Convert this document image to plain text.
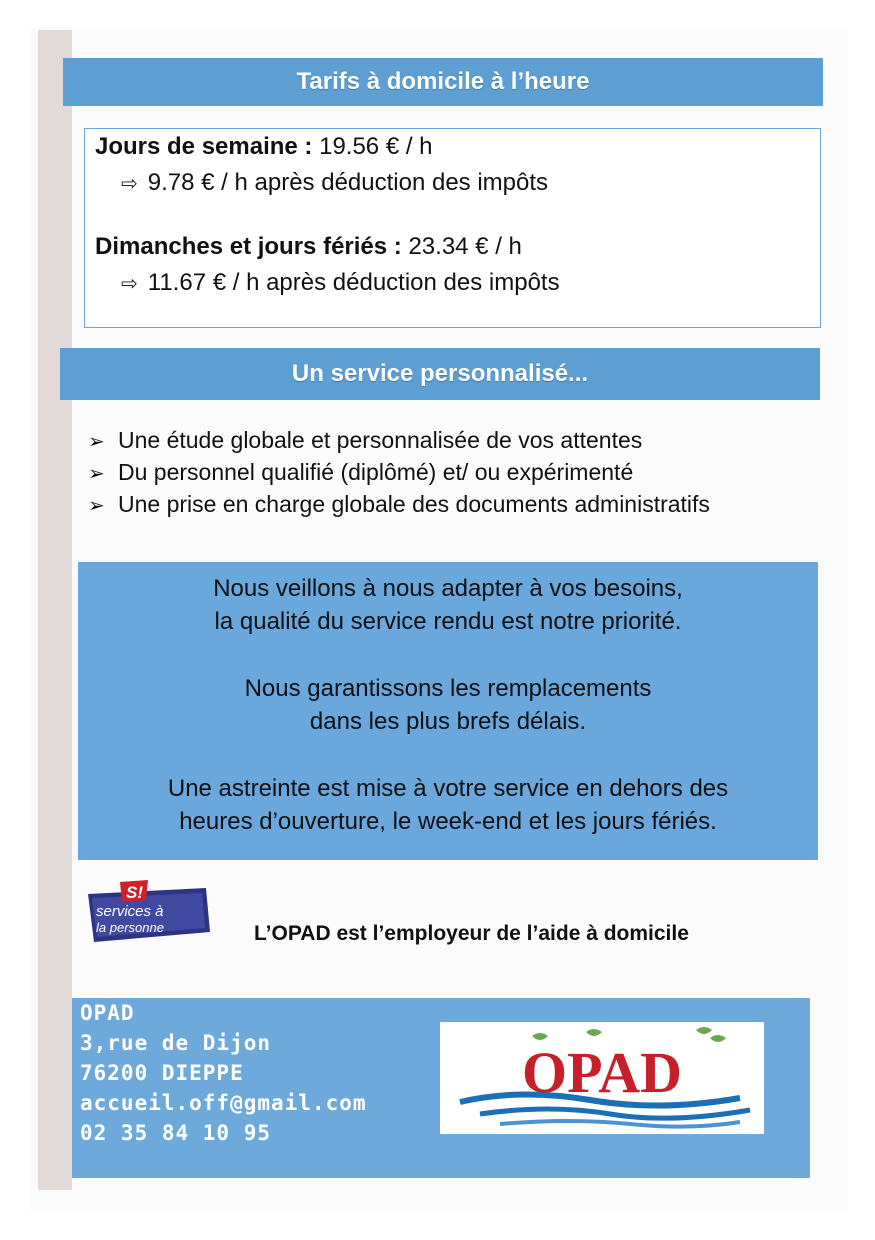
Tarifs à domicile à l’heure
Jours de semaine : 19.56 € / h
⇨ 9.78 € / h après déduction des impôts
Dimanches et jours fériés : 23.34 € / h
⇨ 11.67 € / h après déduction des impôts
Un service personnalisé...
➢ Une étude globale et personnalisée de vos attentes
➢ Du personnel qualifié (diplômé) et/ ou expérimenté
➢ Une prise en charge globale des documents administratifs
Nous veillons à nous adapter à vos besoins,
la qualité du service rendu est notre priorité.
Nous garantissons les remplacements
dans les plus brefs délais.
Une astreinte est mise à votre service en dehors des
heures d’ouverture, le week-end et les jours fériés.
S!
services à
la personne	L’OPAD est l’employeur de l’aide à domicile
OPAD
3,rue de Dijon
76200 DIEPPE
accueil.off@gmail.com
02 35 84 10 95
OPAD
